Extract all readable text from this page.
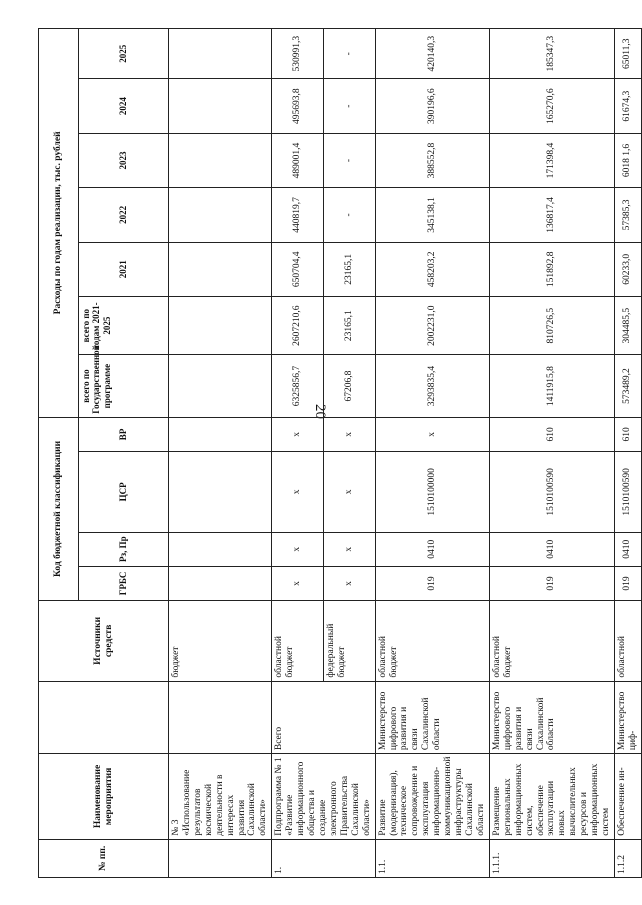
20
№ пп.	Наименование мероприятия		Источники средств	Код бюджетной классификации				Расходы по годам реализации, тыс. рублей						
				ГРБС	Рз, Пр	ЦСР	ВР	всего по Государственной программе	всего по годам 2021-2025	2021	2022	2023	2024	2025
	№ 3 «Использование результатов космической деятельности в интересах развития Сахалинской области»		бюджет											
1.	Подпрограмма № 1 «Развитие информационного общества и создание электронного Правительства Сахалинской области»	Всего	областной бюджет	x	x	x	x	6325856,7	2607210,6	650704,4	440819,7	489001,4	495693,8	530991,3
			федеральный бюджет	x	x	x	x	67206,8	23165,1	23165,1	-	-	-	-
1.1.	Развитие (модернизация), техническое сопровождение и эксплуатация информационно-коммуникационной инфраструктуры Сахалинской области	Министерство цифрового развития и связи Сахалинской области	областной бюджет	019	0410	1510100000	x	3293835,4	2002231,0	458203,2	345138,1	388552,8	390196,6	420140,3
1.1.1.	Размещение региональных информационных систем, обеспечение эксплуатации новых вычислительных ресурсов и информационных систем	Министерство цифрового развития и связи Сахалинской области	областной бюджет	019	0410	1510100590	610	1411915,8	810726,5	151892,8	136817,4	171398,4	165270,6	185347,3
1.1.2	Обеспечение ин-	Министерство циф-	областной	019	0410	1510100590	610	573489,2	304485,5	60233,0	57385,3	6018 1,6	61674,3	65011,3
